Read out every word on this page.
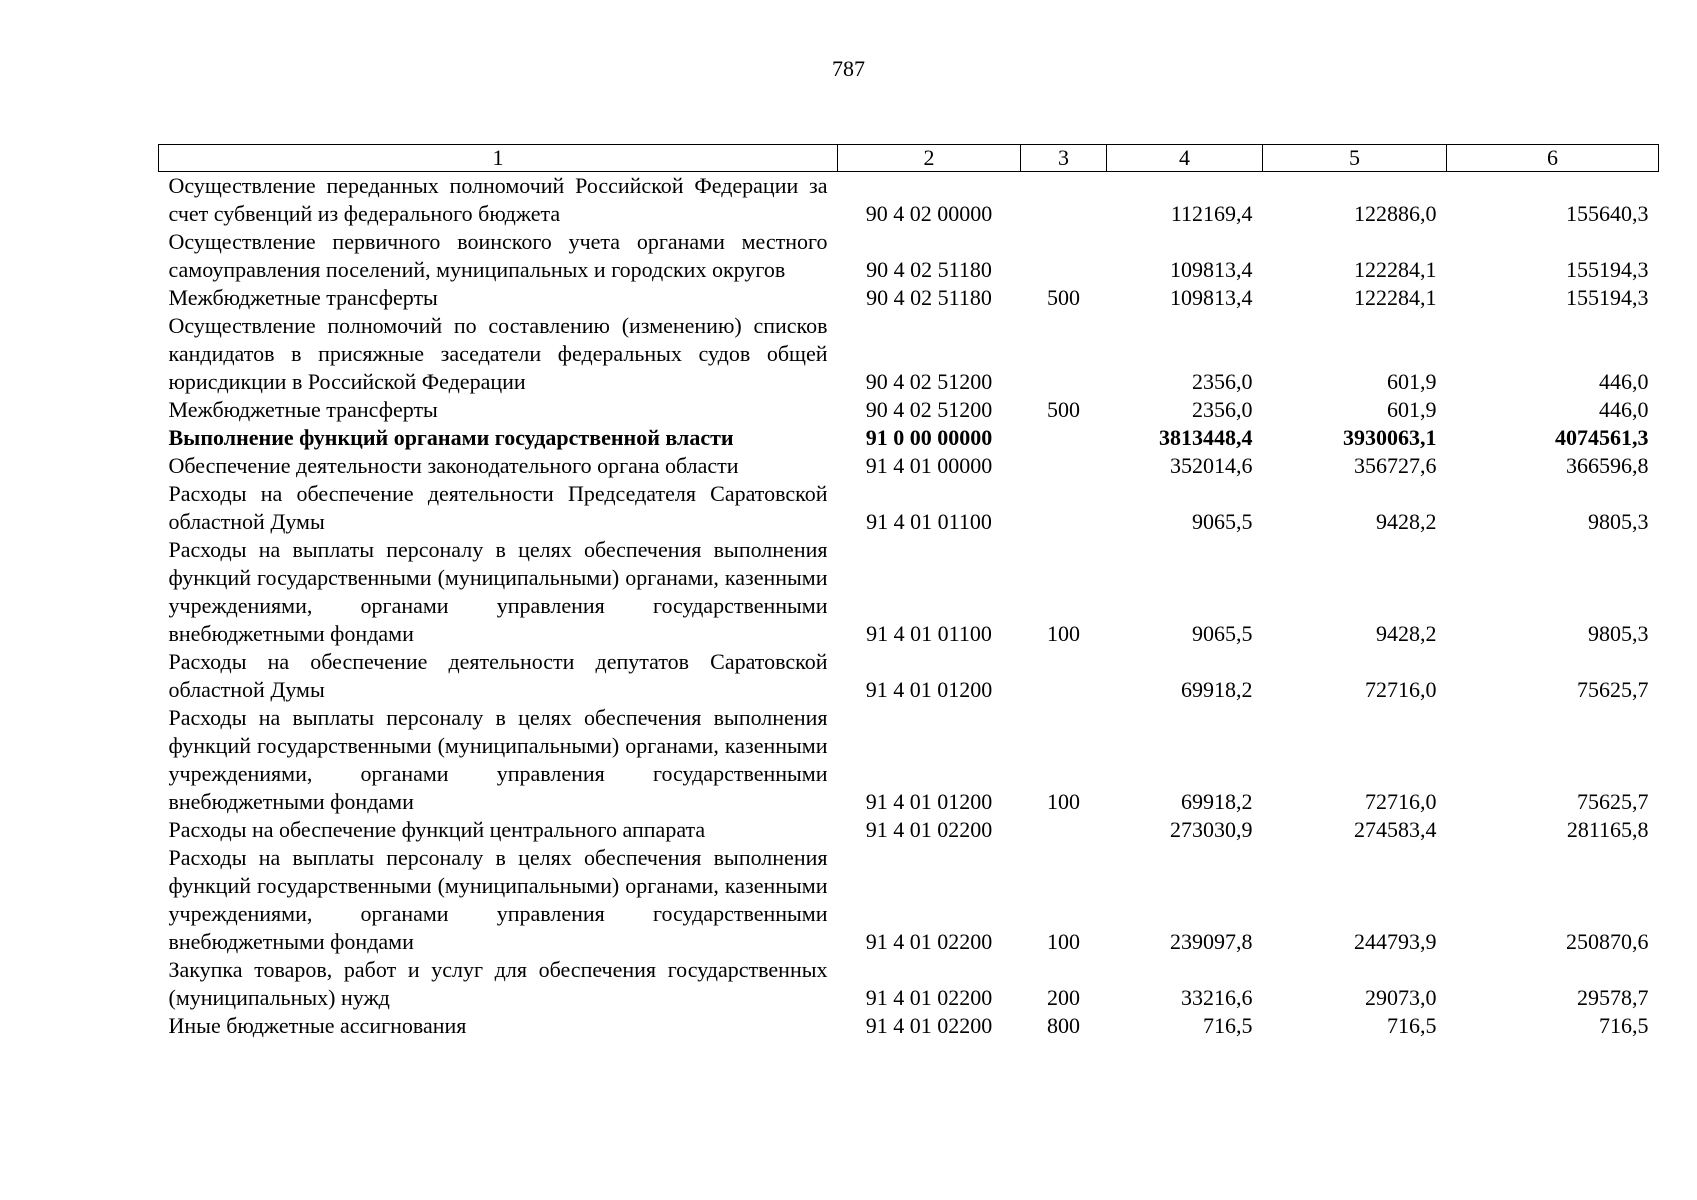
787
1	2	3	4	5	6
Осуществление переданных полномочий Российской Федерации за счет субвенций из федерального бюджета	90 4 02 00000		112169,4	122886,0	155640,3
Осуществление первичного воинского учета органами местного самоуправления поселений, муниципальных и городских округов	90 4 02 51180		109813,4	122284,1	155194,3
Межбюджетные трансферты	90 4 02 51180	500	109813,4	122284,1	155194,3
Осуществление полномочий по составлению (изменению) списков кандидатов в присяжные заседатели федеральных судов общей юрисдикции в Российской Федерации	90 4 02 51200		2356,0	601,9	446,0
Межбюджетные трансферты	90 4 02 51200	500	2356,0	601,9	446,0
Выполнение функций органами государственной власти	91 0 00 00000		3813448,4	3930063,1	4074561,3
Обеспечение деятельности законодательного органа области	91 4 01 00000		352014,6	356727,6	366596,8
Расходы на обеспечение деятельности Председателя Саратовской областной Думы	91 4 01 01100		9065,5	9428,2	9805,3
Расходы на выплаты персоналу в целях обеспечения выполнения функций государственными (муниципальными) органами, казенными учреждениями, органами управления государственными внебюджетными фондами	91 4 01 01100	100	9065,5	9428,2	9805,3
Расходы на обеспечение деятельности депутатов Саратовской областной Думы	91 4 01 01200		69918,2	72716,0	75625,7
Расходы на выплаты персоналу в целях обеспечения выполнения функций государственными (муниципальными) органами, казенными учреждениями, органами управления государственными внебюджетными фондами	91 4 01 01200	100	69918,2	72716,0	75625,7
Расходы на обеспечение функций центрального аппарата	91 4 01 02200		273030,9	274583,4	281165,8
Расходы на выплаты персоналу в целях обеспечения выполнения функций государственными (муниципальными) органами, казенными учреждениями, органами управления государственными внебюджетными фондами	91 4 01 02200	100	239097,8	244793,9	250870,6
Закупка товаров, работ и услуг для обеспечения государственных (муниципальных) нужд	91 4 01 02200	200	33216,6	29073,0	29578,7
Иные бюджетные ассигнования	91 4 01 02200	800	716,5	716,5	716,5
